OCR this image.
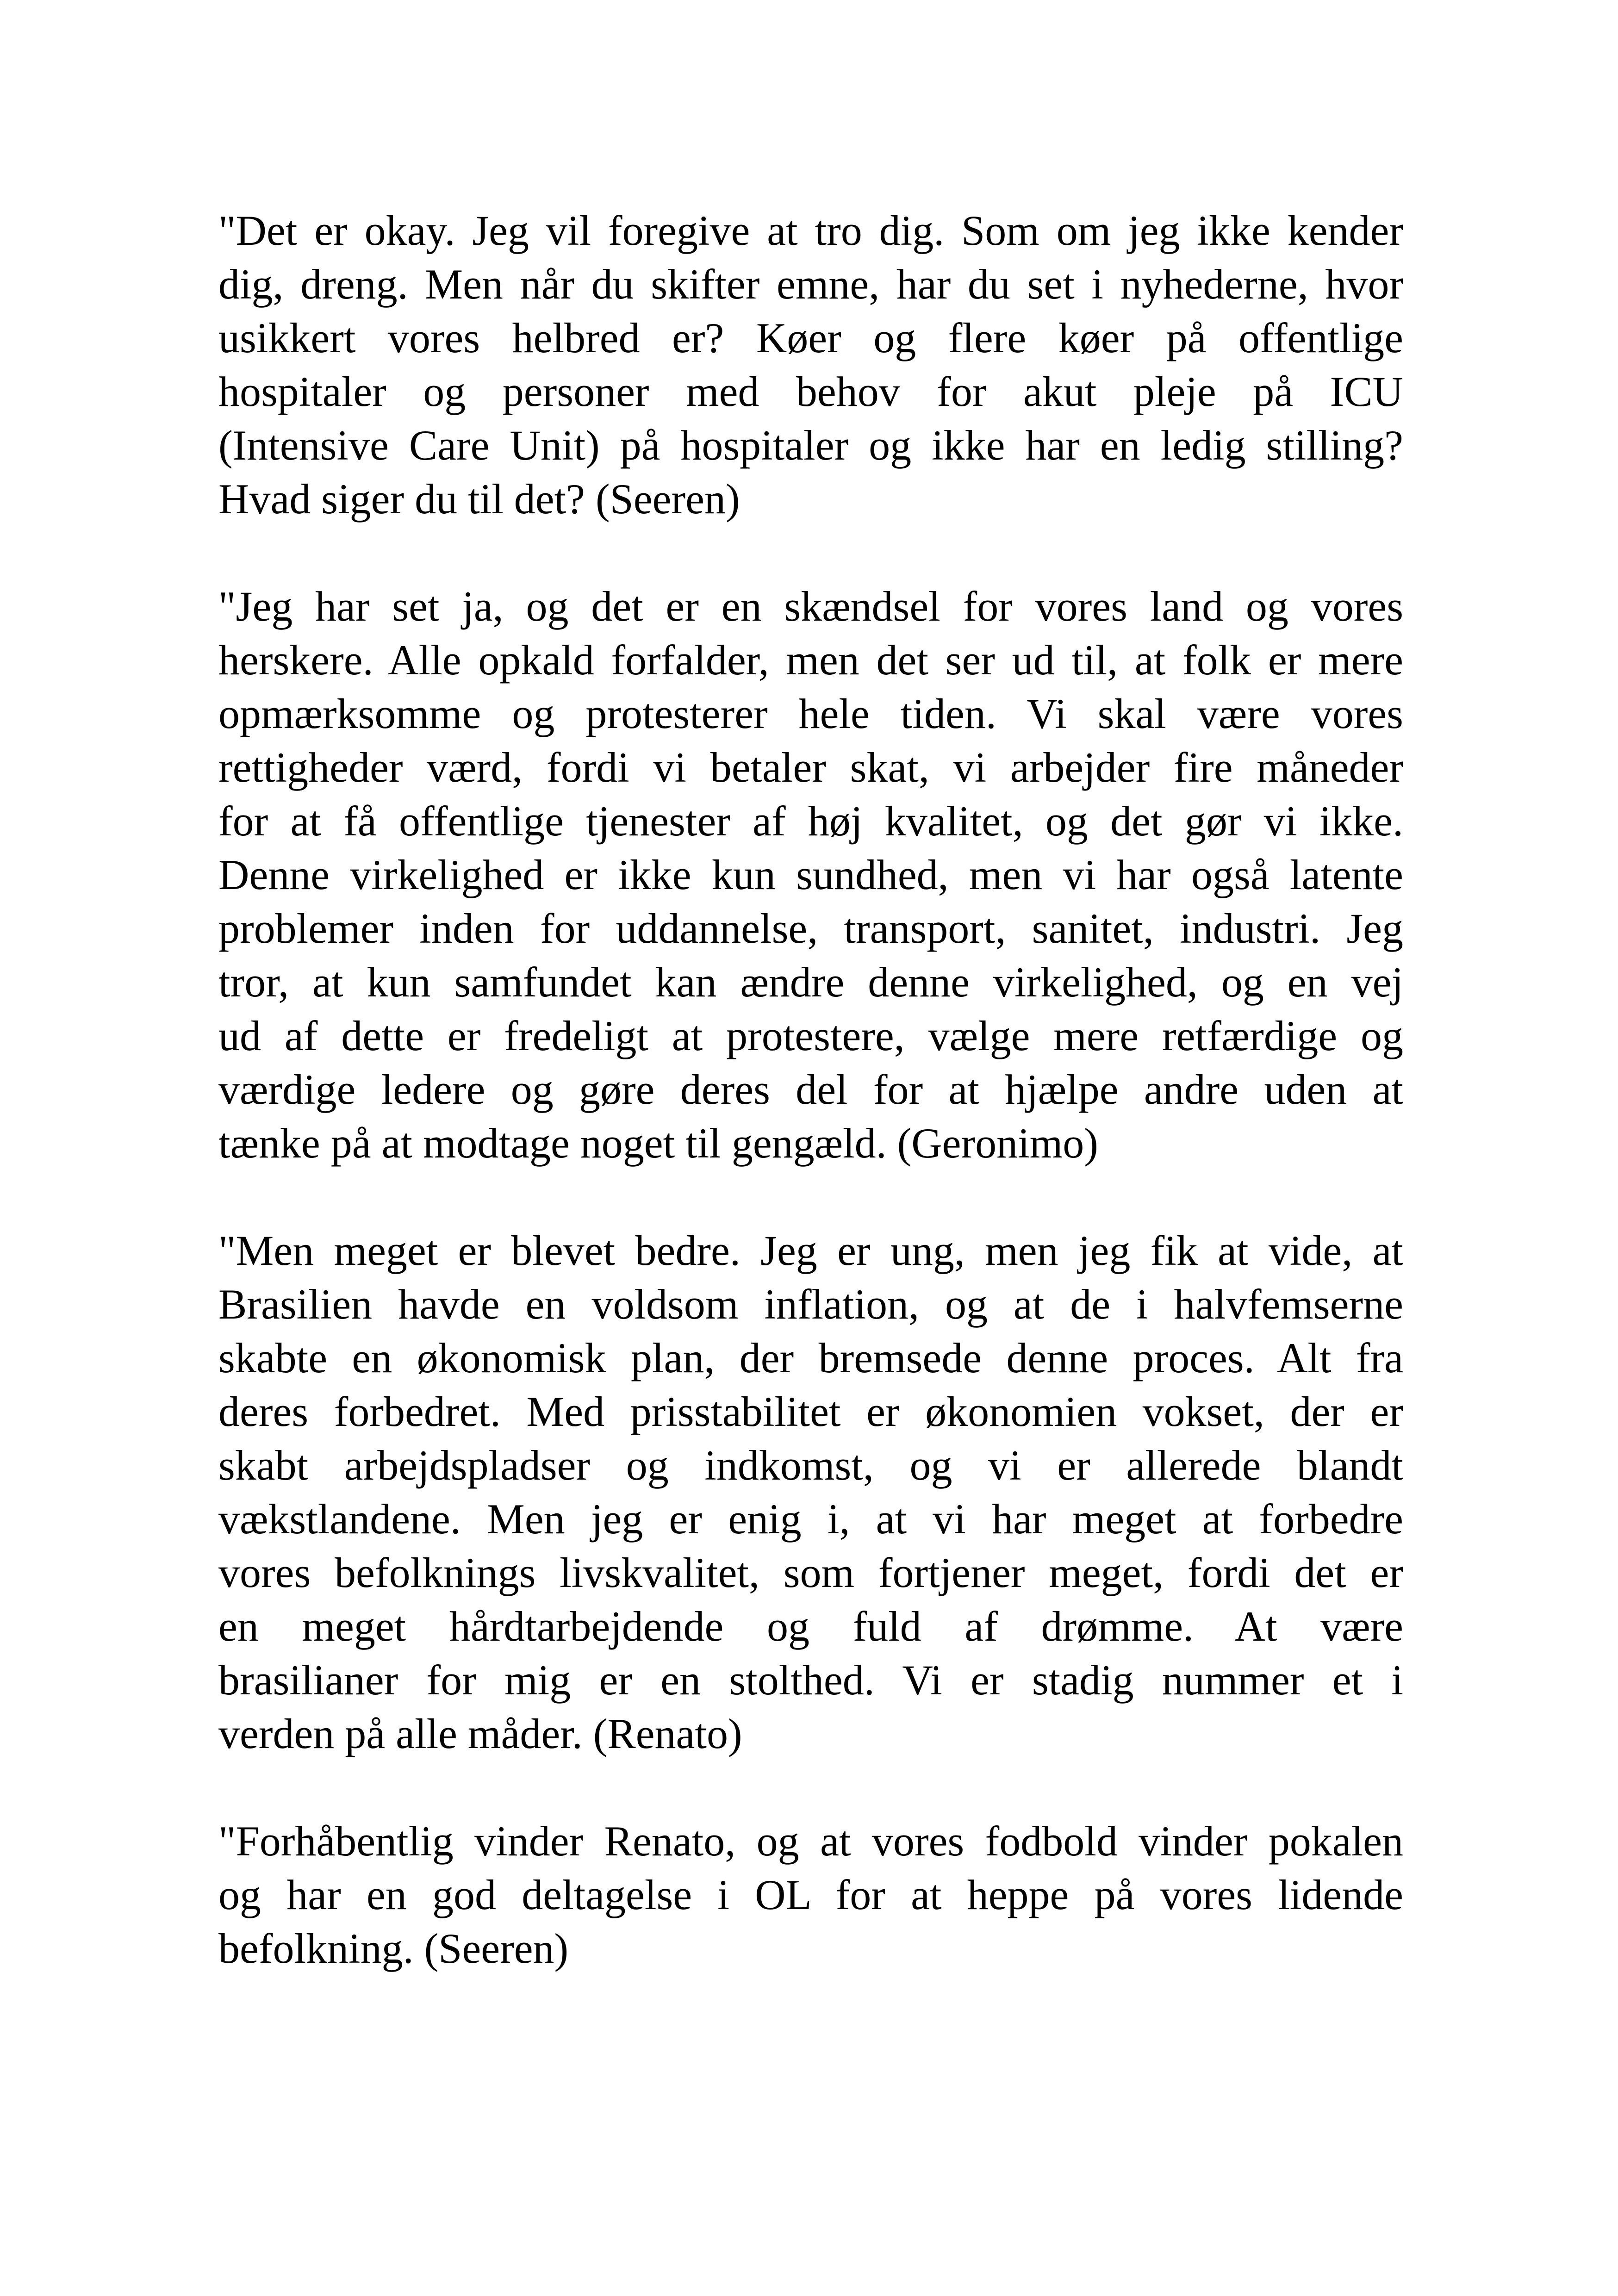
"Det er okay. Jeg vil foregive at tro dig. Som om jeg ikke kender
dig, dreng. Men når du skifter emne, har du set i nyhederne, hvor
usikkert vores helbred er? Køer og flere køer på offentlige
hospitaler og personer med behov for akut pleje på ICU
(Intensive Care Unit) på hospitaler og ikke har en ledig stilling?
Hvad siger du til det? (Seeren)

"Jeg har set ja, og det er en skændsel for vores land og vores
herskere. Alle opkald forfalder, men det ser ud til, at folk er mere
opmærksomme og protesterer hele tiden. Vi skal være vores
rettigheder værd, fordi vi betaler skat, vi arbejder fire måneder
for at få offentlige tjenester af høj kvalitet, og det gør vi ikke.
Denne virkelighed er ikke kun sundhed, men vi har også latente
problemer inden for uddannelse, transport, sanitet, industri. Jeg
tror, at kun samfundet kan ændre denne virkelighed, og en vej
ud af dette er fredeligt at protestere, vælge mere retfærdige og
værdige ledere og gøre deres del for at hjælpe andre uden at
tænke på at modtage noget til gengæld. (Geronimo)

"Men meget er blevet bedre. Jeg er ung, men jeg fik at vide, at
Brasilien havde en voldsom inflation, og at de i halvfemserne
skabte en økonomisk plan, der bremsede denne proces. Alt fra
deres forbedret. Med prisstabilitet er økonomien vokset, der er
skabt arbejdspladser og indkomst, og vi er allerede blandt
vækstlandene. Men jeg er enig i, at vi har meget at forbedre
vores befolknings livskvalitet, som fortjener meget, fordi det er
en meget hårdtarbejdende og fuld af drømme. At være
brasilianer for mig er en stolthed. Vi er stadig nummer et i
verden på alle måder. (Renato)

"Forhåbentlig vinder Renato, og at vores fodbold vinder pokalen
og har en god deltagelse i OL for at heppe på vores lidende
befolkning. (Seeren)
